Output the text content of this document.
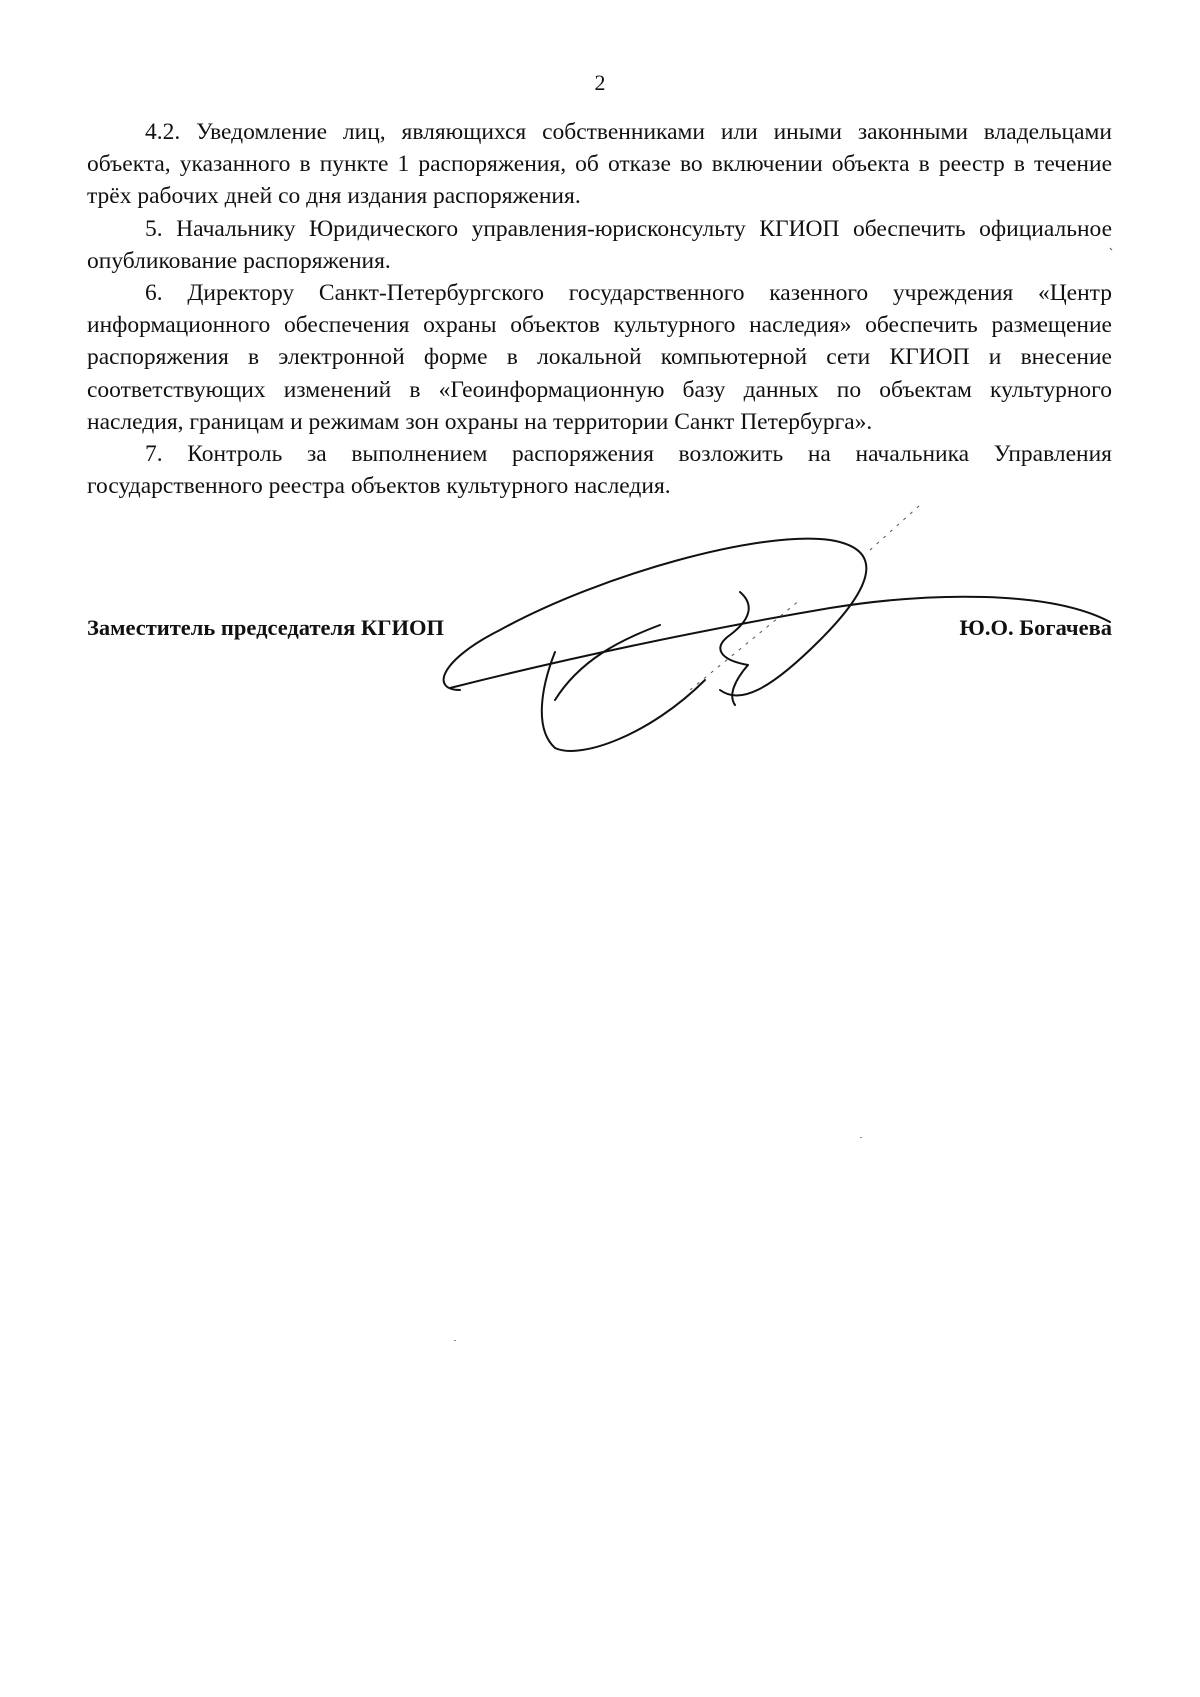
2

4.2. Уведомление лиц, являющихся собственниками или иными законными владельцами объекта, указанного в пункте 1 распоряжения, об отказе во включении объекта в реестр в течение трёх рабочих дней со дня издания распоряжения.

5. Начальнику Юридического управления-юрисконсульту КГИОП обеспечить официальное опубликование распоряжения.

6. Директору Санкт-Петербургского государственного казенного учреждения «Центр информационного обеспечения охраны объектов культурного наследия» обеспечить размещение распоряжения в электронной форме в локальной компьютерной сети КГИОП и внесение соответствующих изменений в «Геоинформационную базу данных по объектам культурного наследия, границам и режимам зон охраны на территории Санкт Петербурга».

7. Контроль за выполнением распоряжения возложить на начальника Управления государственного реестра объектов культурного наследия.

Заместитель председателя КГИОП	Ю.О. Богачева
